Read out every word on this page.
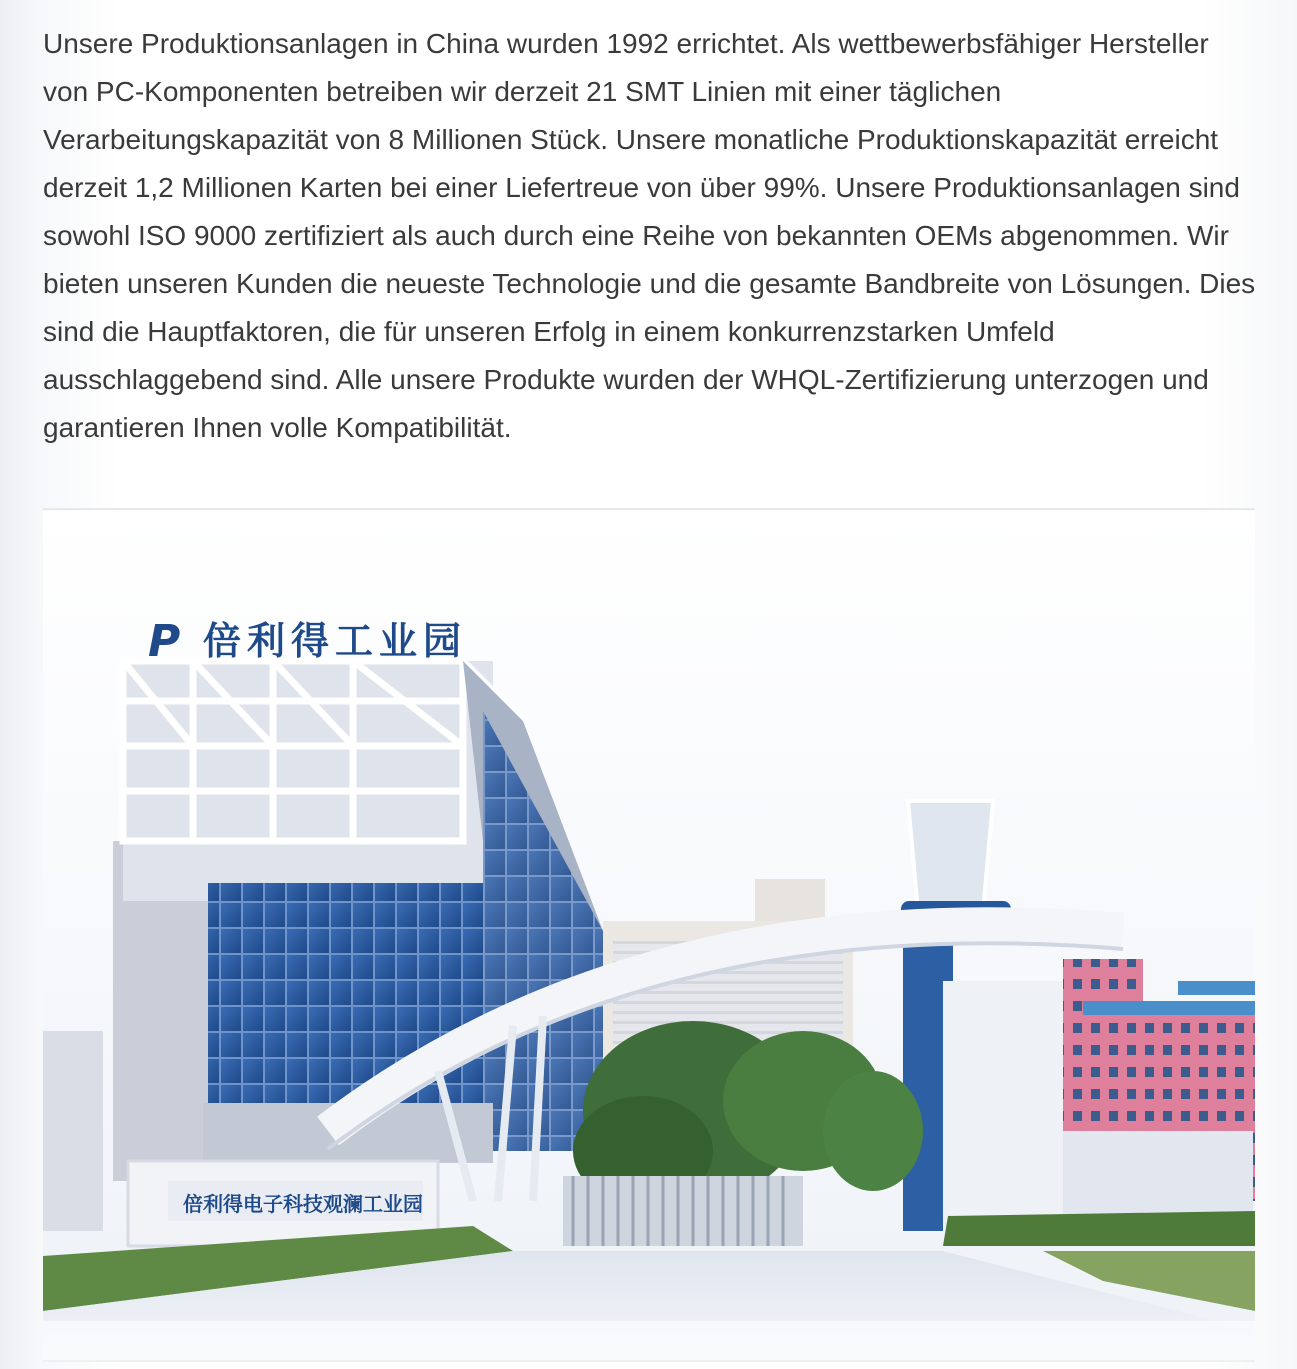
Unsere Produktionsanlagen in China wurden 1992 errichtet. Als wettbewerbsfähiger Hersteller von PC-Komponenten betreiben wir derzeit 21 SMT Linien mit einer täglichen Verarbeitungskapazität von 8 Millionen Stück. Unsere monatliche Produktionskapazität erreicht derzeit 1,2 Millionen Karten bei einer Liefertreue von über 99%. Unsere Produktionsanlagen sind sowohl ISO 9000 zertifiziert als auch durch eine Reihe von bekannten OEMs abgenommen. Wir bieten unseren Kunden die neueste Technologie und die gesamte Bandbreite von Lösungen. Dies sind die Hauptfaktoren, die für unseren Erfolg in einem konkurrenzstarken Umfeld ausschlaggebend sind. Alle unsere Produkte wurden der WHQL-Zertifizierung unterzogen und garantieren Ihnen volle Kompatibilität.

P 倍利得工业园
倍利得电子科技观澜工业园
